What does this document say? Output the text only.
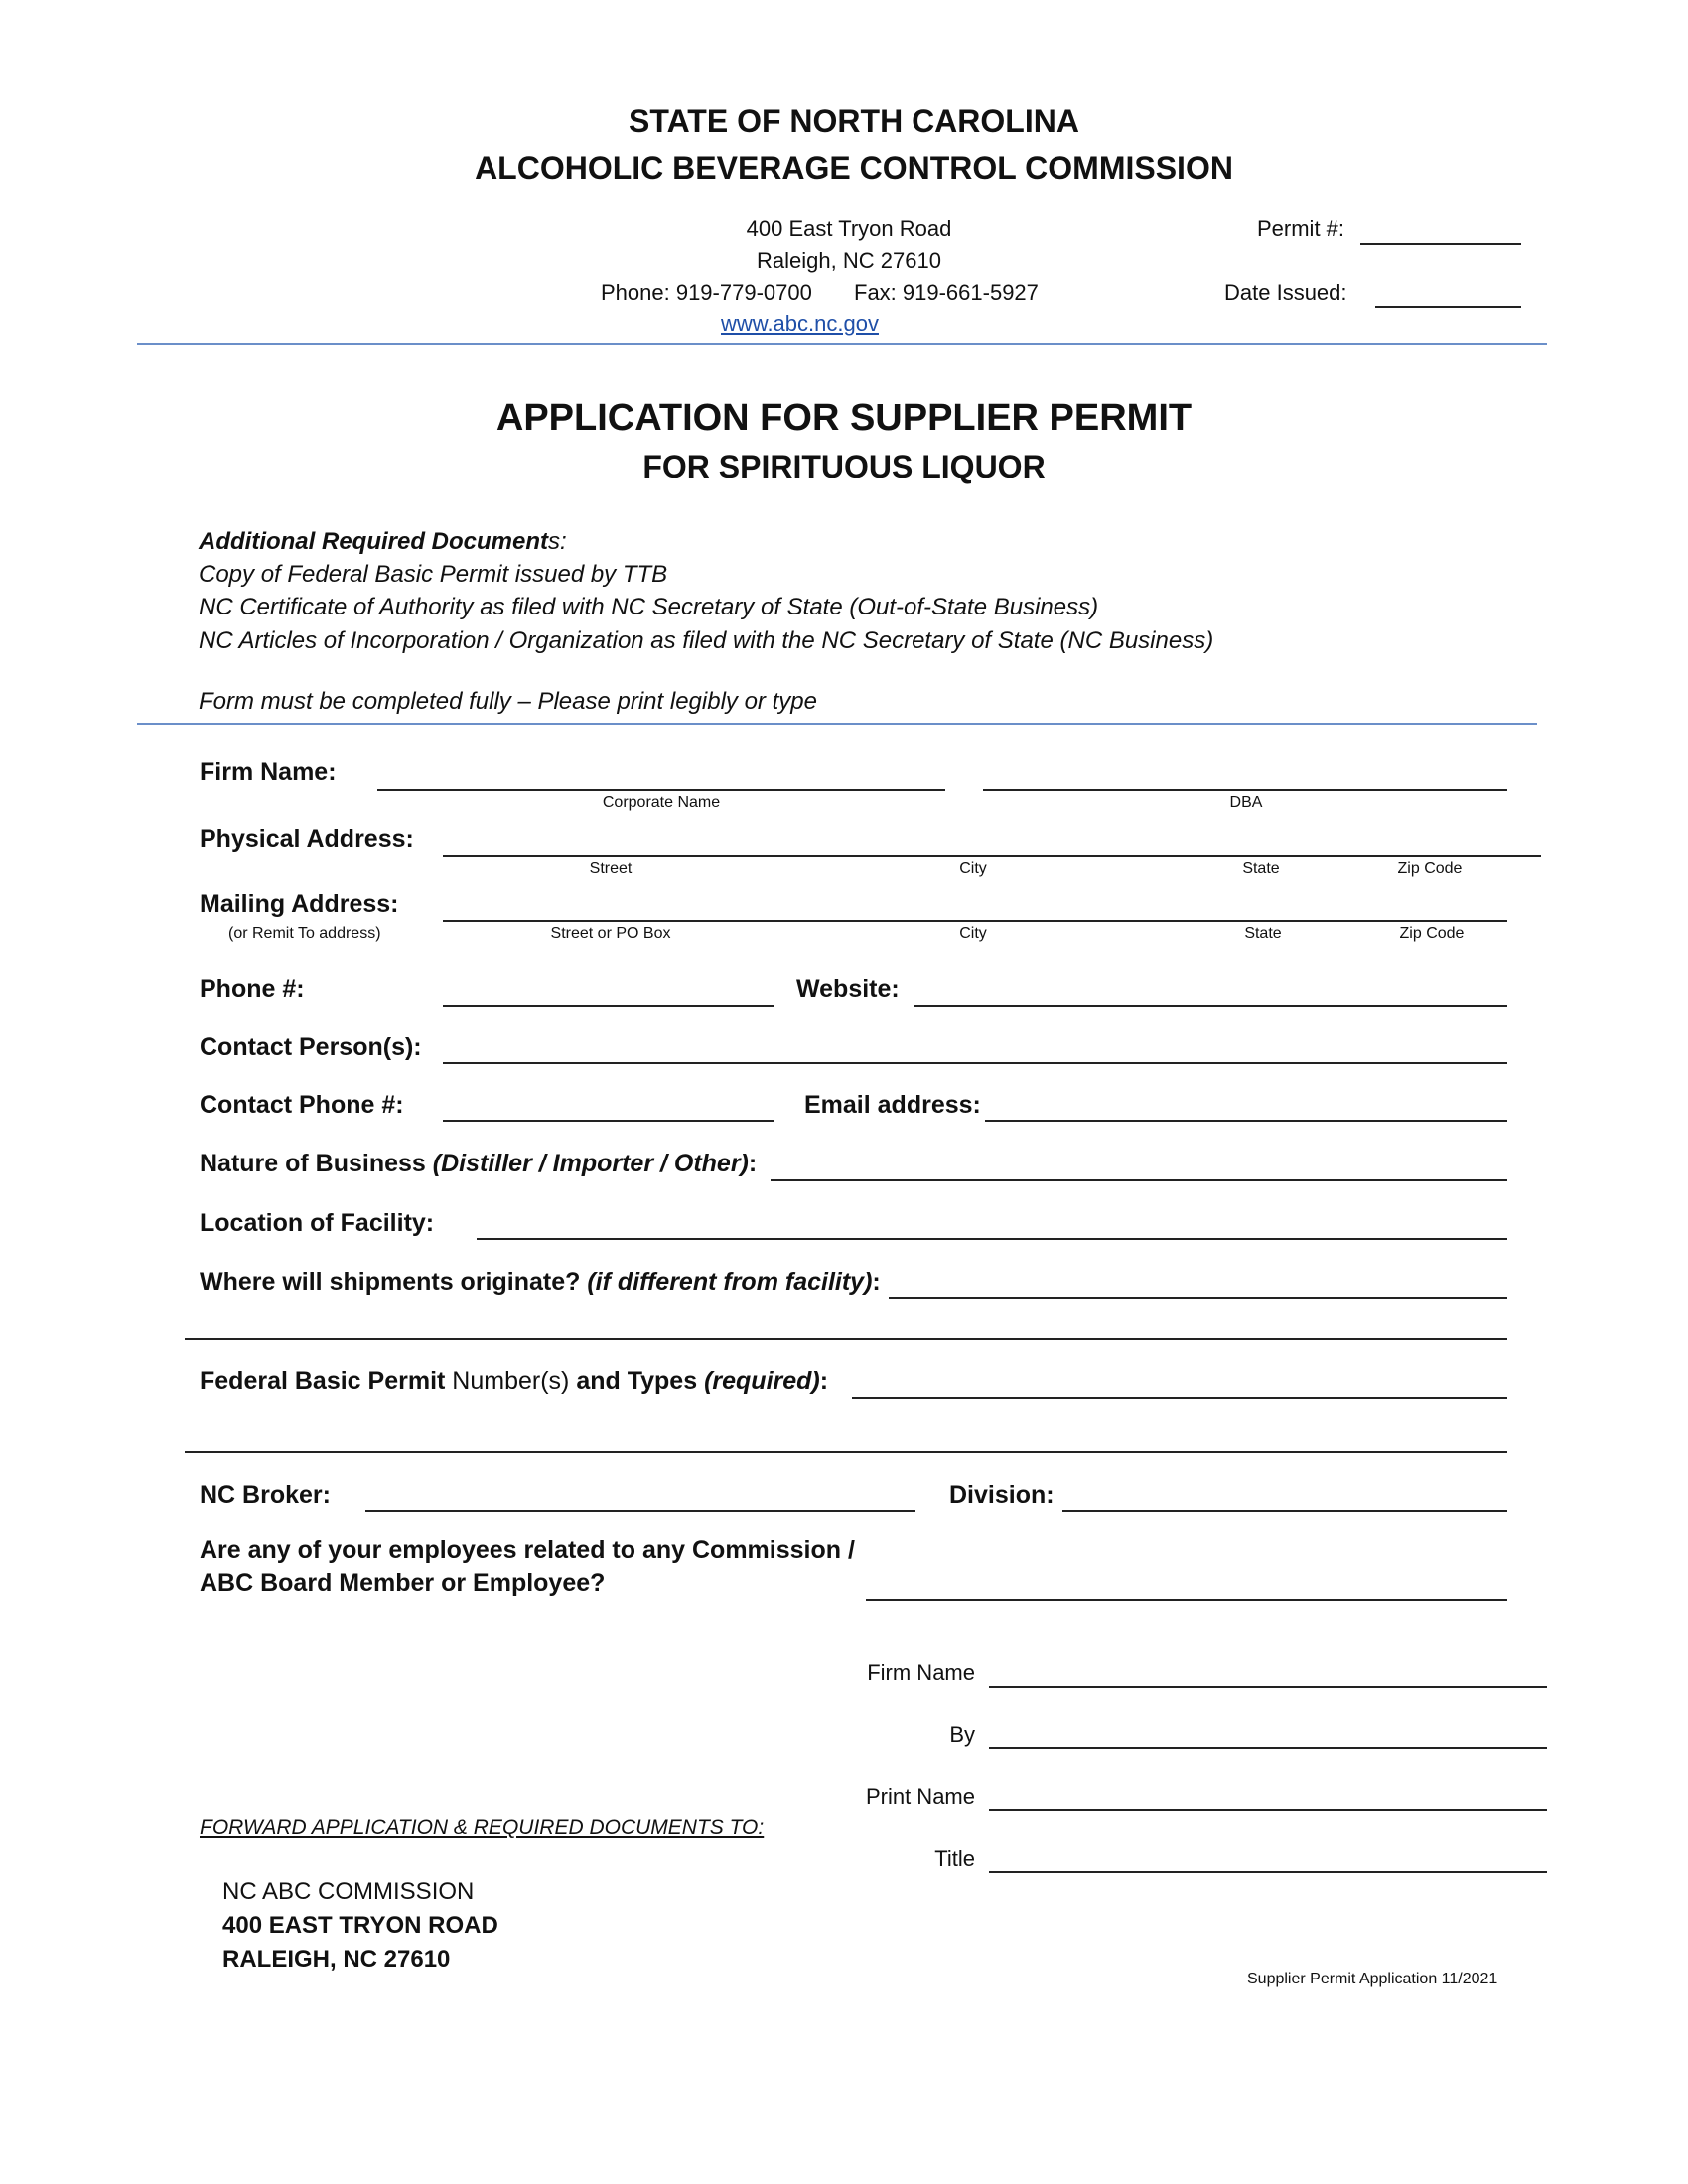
STATE OF NORTH CAROLINA
ALCOHOLIC BEVERAGE CONTROL COMMISSION
400 East Tryon Road
Raleigh, NC 27610
Phone: 919-779-0700 Fax: 919-661-5927
www.abc.nc.gov
Permit #:
Date Issued:
APPLICATION FOR SUPPLIER PERMIT
FOR SPIRITUOUS LIQUOR
Additional Required Documents:
Copy of Federal Basic Permit issued by TTB
NC Certificate of Authority as filed with NC Secretary of State (Out-of-State Business)
NC Articles of Incorporation / Organization as filed with the NC Secretary of State (NC Business)
Form must be completed fully – Please print legibly or type
Firm Name:
Corporate Name	DBA
Physical Address:
Street	City	State	Zip Code
Mailing Address:
(or Remit To address)	Street or PO Box	City	State	Zip Code
Phone #:	Website:
Contact Person(s):
Contact Phone #:	Email address:
Nature of Business (Distiller / Importer / Other):
Location of Facility:
Where will shipments originate? (if different from facility):
Federal Basic Permit Number(s) and Types (required):
NC Broker:	Division:
Are any of your employees related to any Commission /
ABC Board Member or Employee?
Firm Name
By
Print Name
Title
FORWARD APPLICATION & REQUIRED DOCUMENTS TO:
NC ABC COMMISSION
400 EAST TRYON ROAD
RALEIGH, NC 27610
Supplier Permit Application 11/2021
